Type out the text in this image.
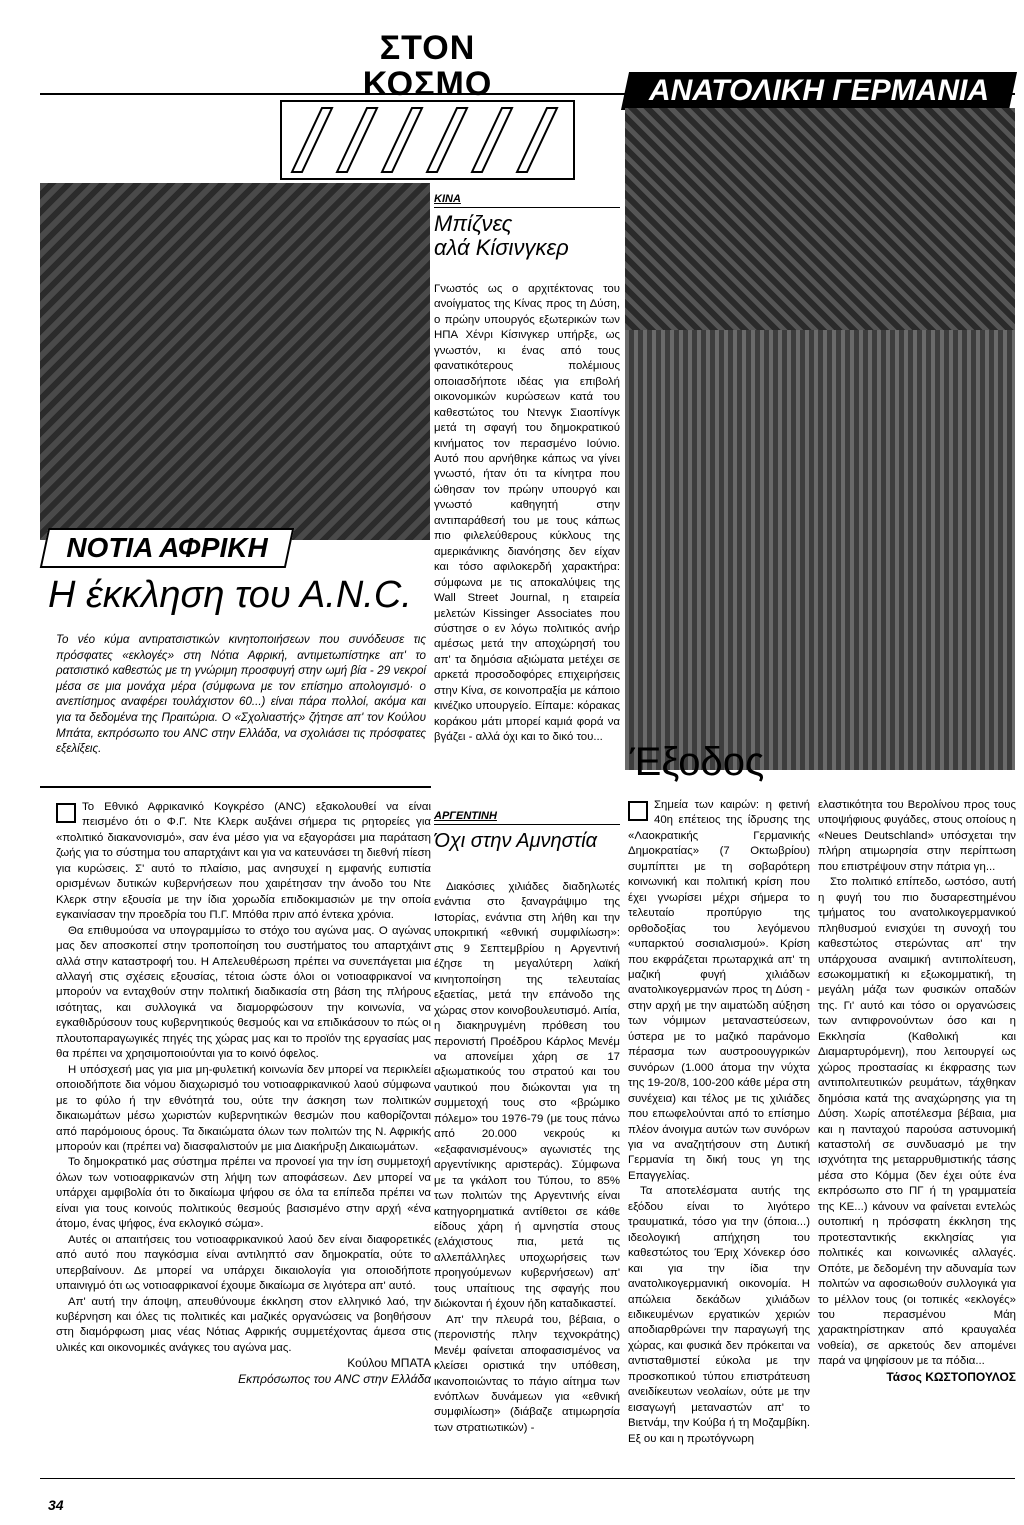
ΣΤΟΝ
ΚΟΣΜΟ	ΑΝΑΤΟΛΙΚΗ ΓΕΡΜΑΝΙΑ
ΝΟΤΙΑ ΑΦΡΙΚΗ
Η έκκληση του Α.Ν.C.
Το νέο κύμα αντιρατσιστικών κινητοποιήσεων που συνόδευσε τις πρόσφατες «εκλογές» στη Νότια Αφρική, αντιμετωπίστηκε απ' το ρατσιστικό καθεστώς με τη γνώριμη προσφυγή στην ωμή βία - 29 νεκροί μέσα σε μια μονάχα μέρα (σύμφωνα με τον επίσημο απολογισμό· ο ανεπίσημος αναφέρει τουλάχιστον 60...) είναι πάρα πολλοί, ακόμα και για τα δεδομένα της Πραιτώρια. Ο «Σχολιαστής» ζήτησε απ' τον Κούλου Μπάτα, εκπρόσωπο του ANC στην Ελλάδα, να σχολιάσει τις πρόσφατες εξελίξεις.

Το Εθνικό Αφρικανικό Κογκρέσο (ANC) εξακολουθεί να είναι πεισμένο ότι ο Φ.Γ. Ντε Κλερκ αυξάνει σήμερα τις ρητορείες για «πολιτικό διακανονισμό», σαν ένα μέσο για να εξαγοράσει μια παράταση ζωής για το σύστημα του απαρτχάιντ και για να κατευνάσει τη διεθνή πίεση για κυρώσεις. Σ' αυτό το πλαίσιο, μας ανησυχεί η εμφανής ευπιστία ορισμένων δυτικών κυβερνήσεων που χαιρέτησαν την άνοδο του Ντε Κλερκ στην εξουσία με την ίδια χορωδία επιδοκιμασιών με την οποία εγκαινίασαν την προεδρία του Π.Γ. Μπόθα πριν από έντεκα χρόνια.

Θα επιθυμούσα να υπογραμμίσω το στόχο του αγώνα μας. Ο αγώνας μας δεν αποσκοπεί στην τροποποίηση του συστήματος του απαρτχάιντ αλλά στην καταστροφή του. Η Απελευθέρωση πρέπει να συνεπάγεται μια αλλαγή στις σχέσεις εξουσίας, τέτοια ώστε όλοι οι νοτιοαφρικανοί να μπορούν να ενταχθούν στην πολιτική διαδικασία στη βάση της πλήρους ισότητας, και συλλογικά να διαμορφώσουν την κοινωνία, να εγκαθιδρύσουν τους κυβερνητικούς θεσμούς και να επιδικάσουν το πώς οι πλουτοπαραγωγικές πηγές της χώρας μας και το προϊόν της εργασίας μας θα πρέπει να χρησιμοποιούνται για το κοινό όφελος.

Η υπόσχεσή μας για μια μη-φυλετική κοινωνία δεν μπορεί να περικλείει οποιοδήποτε δια νόμου διαχωρισμό του νοτιοαφρικανικού λαού σύμφωνα με το φύλο ή την εθνότητά του, ούτε την άσκηση των πολιτικών δικαιωμάτων μέσω χωριστών κυβερνητικών θεσμών που καθορίζονται από παρόμοιους όρους. Τα δικαιώματα όλων των πολιτών της Ν. Αφρικής μπορούν και (πρέπει να) διασφαλιστούν με μια Διακήρυξη Δικαιωμάτων.

Το δημοκρατικό μας σύστημα πρέπει να προνοεί για την ίση συμμετοχή όλων των νοτιοαφρικανών στη λήψη των αποφάσεων. Δεν μπορεί να υπάρχει αμφιβολία ότι το δικαίωμα ψήφου σε όλα τα επίπεδα πρέπει να είναι για τους κοινούς πολιτικούς θεσμούς βασισμένο στην αρχή «ένα άτομο, ένας ψήφος, ένα εκλογικό σώμα».

Αυτές οι απαιτήσεις του νοτιοαφρικανικού λαού δεν είναι διαφορετικές από αυτό που παγκόσμια είναι αντιληπτό σαν δημοκρατία, ούτε το υπερβαίνουν. Δε μπορεί να υπάρχει δικαιολογία για οποιοδήποτε υπαινιγμό ότι ως νοτιοαφρικανοί έχουμε δικαίωμα σε λιγότερα απ' αυτό.

Απ' αυτή την άποψη, απευθύνουμε έκκληση στον ελληνικό λαό, την κυβέρνηση και όλες τις πολιτικές και μαζικές οργανώσεις να βοηθήσουν στη διαμόρφωση μιας νέας Νότιας Αφρικής συμμετέχοντας άμεσα στις υλικές και οικονομικές ανάγκες του αγώνα μας.

Κούλου ΜΠΑΤΑ
Εκπρόσωπος του ANC στην Ελλάδα
ΚΙΝΑ
Μπίζνες
αλά Κίσινγκερ

Γνωστός ως ο αρχιτέκτονας του ανοίγματος της Κίνας προς τη Δύση, ο πρώην υπουργός εξωτερικών των ΗΠΑ Χένρι Κίσινγκερ υπήρξε, ως γνωστόν, κι ένας από τους φανατικότερους πολέμιους οποιασδήποτε ιδέας για επιβολή οικονομικών κυρώσεων κατά του καθεστώτος του Ντενγκ Σιαοπίνγκ μετά τη σφαγή του δημοκρατικού κινήματος τον περασμένο Ιούνιο. Αυτό που αρνήθηκε κάπως να γίνει γνωστό, ήταν ότι τα κίνητρα που ώθησαν τον πρώην υπουργό και γνωστό καθηγητή στην αντιπαράθεσή του με τους κάπως πιο φιλελεύθερους κύκλους της αμερικάνικης διανόησης δεν είχαν και τόσο αφιλοκερδή χαρακτήρα: σύμφωνα με τις αποκαλύψεις της Wall Street Journal, η εταιρεία μελετών Kissinger Associates που σύστησε ο εν λόγω πολιτικός ανήρ αμέσως μετά την αποχώρησή του απ' τα δημόσια αξιώματα μετέχει σε αρκετά προσοδοφόρες επιχειρήσεις στην Κίνα, σε κοινοπραξία με κάποιο κινέζικο υπουργείο. Είπαμε: κόρακας κοράκου μάτι μπορεί καμιά φορά να βγάζει - αλλά όχι και το δικό του...

ΑΡΓΕΝΤΙΝΗ
Όχι στην Αμνηστία

Διακόσιες χιλιάδες διαδηλωτές ενάντια στο ξαναγράψιμο της Ιστορίας, ενάντια στη λήθη και την υποκριτική «εθνική συμφιλίωση»: στις 9 Σεπτεμβρίου η Αργεντινή έζησε τη μεγαλύτερη λαϊκή κινητοποίηση της τελευταίας εξαετίας, μετά την επάνοδο της χώρας στον κοινοβουλευτισμό. Αιτία, η διακηρυγμένη πρόθεση του περονιστή Προέδρου Κάρλος Μενέμ να απονείμει χάρη σε 17 αξιωματικούς του στρατού και του ναυτικού που διώκονται για τη συμμετοχή τους στο «βρώμικο πόλεμο» του 1976-79 (με τους πάνω από 20.000 νεκρούς κι «εξαφανισμένους» αγωνιστές της αργεντίνικης αριστεράς). Σύμφωνα με τα γκάλοπ του Τύπου, το 85% των πολιτών της Αργεντινής είναι κατηγορηματικά αντίθετοι σε κάθε είδους χάρη ή αμνηστία στους (ελάχιστους πια, μετά τις αλλεπάλληλες υποχωρήσεις των προηγούμενων κυβερνήσεων) απ' τους υπαίτιους της σφαγής που διώκονται ή έχουν ήδη καταδικαστεί.

Απ' την πλευρά του, βέβαια, ο (περονιστής πλην τεχνοκράτης) Μενέμ φαίνεται αποφασισμένος να κλείσει οριστικά την υπόθεση, ικανοποιώντας το πάγιο αίτημα των ενόπλων δυνάμεων για «εθνική συμφιλίωση» (διάβαζε ατιμωρησία των στρατιωτικών) -

Έξοδος

Σημεία των καιρών: η φετινή 40η επέτειος της ίδρυσης της «Λαοκρατικής Γερμανικής Δημοκρατίας» (7 Οκτωβρίου) συμπίπτει με τη σοβαρότερη κοινωνική και πολιτική κρίση που έχει γνωρίσει μέχρι σήμερα το τελευταίο προπύργιο της ορθοδοξίας του λεγόμενου «υπαρκτού σοσιαλισμού». Κρίση που εκφράζεται πρωταρχικά απ' τη μαζική φυγή χιλιάδων ανατολικογερμανών προς τη Δύση - στην αρχή με την αιματώδη αύξηση των νόμιμων μεταναστεύσεων, ύστερα με το μαζικό παράνομο πέρασμα των αυστροουγγρικών συνόρων (1.000 άτομα την νύχτα της 19-20/8, 100-200 κάθε μέρα στη συνέχεια) και τέλος με τις χιλιάδες που επωφελούνται από το επίσημο πλέον άνοιγμα αυτών των συνόρων για να αναζητήσουν στη Δυτική Γερμανία τη δική τους γη της Επαγγελίας.

Τα αποτελέσματα αυτής της εξόδου είναι το λιγότερο τραυματικά, τόσο για την (όποια...) ιδεολογική απήχηση του καθεστώτος του Έριχ Χόνεκερ όσο και για την ίδια την ανατολικογερμανική οικονομία. Η απώλεια δεκάδων χιλιάδων ειδικευμένων εργατικών χεριών αποδιαρθρώνει την παραγωγή της χώρας, και φυσικά δεν πρόκειται να αντισταθμιστεί εύκολα με την προσκοπικού τύπου επιστράτευση ανειδίκευτων νεολαίων, ούτε με την εισαγωγή μεταναστών απ' το Βιετνάμ, την Κούβα ή τη Μοζαμβίκη. Εξ ου και η πρωτόγνωρη

ελαστικότητα του Βερολίνου προς τους υποψήφιους φυγάδες, στους οποίους η «Neues Deutschland» υπόσχεται την πλήρη ατιμωρησία στην περίπτωση που επιστρέψουν στην πάτρια γη...

Στο πολιτικό επίπεδο, ωστόσο, αυτή η φυγή του πιο δυσαρεστημένου τμήματος του ανατολικογερμανικού πληθυσμού ενισχύει τη συνοχή του καθεστώτος στερώντας απ' την υπάρχουσα αναιμική αντιπολίτευση, εσωκομματική κι εξωκομματική, τη μεγάλη μάζα των φυσικών οπαδών της. Γι' αυτό και τόσο οι οργανώσεις των αντιφρονούντων όσο και η Εκκλησία (Καθολική και Διαμαρτυρόμενη), που λειτουργεί ως χώρος προστασίας κι έκφρασης των αντιπολιτευτικών ρευμάτων, τάχθηκαν δημόσια κατά της αναχώρησης για τη Δύση. Χωρίς αποτέλεσμα βέβαια, μια και η πανταχού παρούσα αστυνομική καταστολή σε συνδυασμό με την ισχνότητα της μεταρρυθμιστικής τάσης μέσα στο Κόμμα (δεν έχει ούτε ένα εκπρόσωπο στο ΠΓ ή τη γραμματεία της ΚΕ...) κάνουν να φαίνεται εντελώς ουτοπική η πρόσφατη έκκληση της προτεσταντικής εκκλησίας για πολιτικές και κοινωνικές αλλαγές. Οπότε, με δεδομένη την αδυναμία των πολιτών να αφοσιωθούν συλλογικά για το μέλλον τους (οι τοπικές «εκλογές» του περασμένου Μάη χαρακτηρίστηκαν από κραυγαλέα νοθεία), σε αρκετούς δεν απομένει παρά να ψηφίσουν με τα πόδια...

Τάσος ΚΩΣΤΟΠΟΥΛΟΣ
34
